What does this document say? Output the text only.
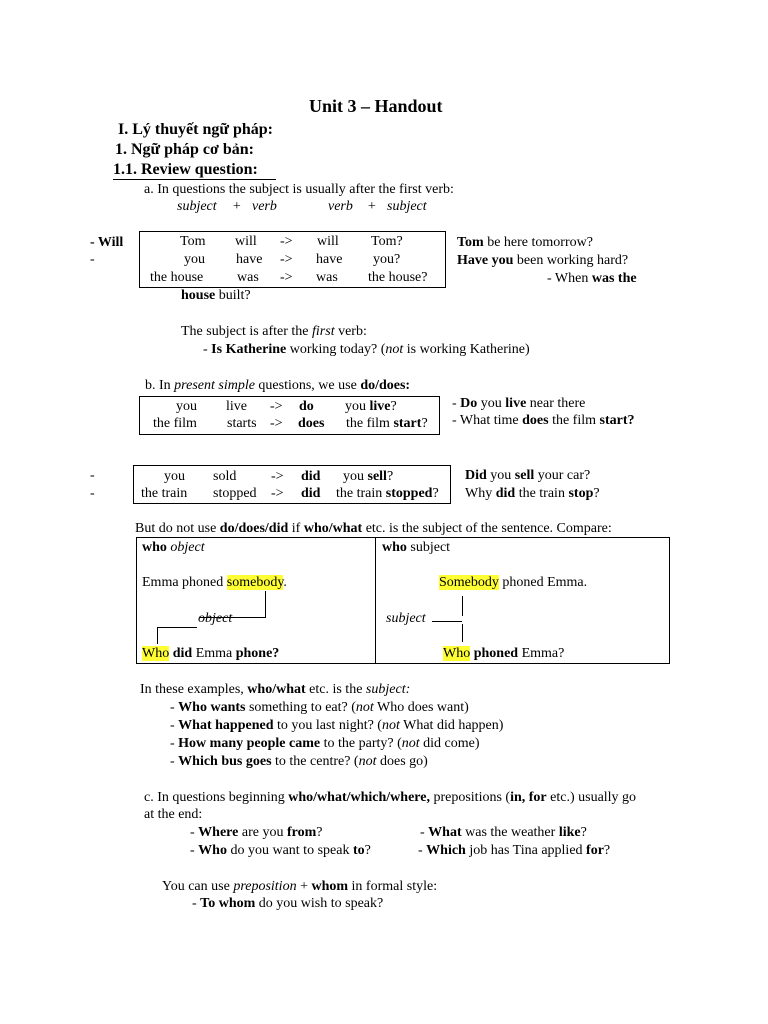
Unit 3 – Handout
I. Lý thuyết ngữ pháp:
1. Ngữ pháp cơ bản:
1.1. Review question:
a. In questions the subject is usually after the first verb:
subject + verb	verb + subject
- Will
-
Tom will -> will Tom?
you have -> have you?
the house was -> was the house?
Tom be here tomorrow?
Have you been working hard?
- When was the
house built?
The subject is after the first verb:
- Is Katherine working today? (not is working Katherine)
b. In present simple questions, we use do/does:
you live -> do you live?
the film starts -> does the film start?
- Do you live near there
- What time does the film start?
-
-
you sold -> did you sell?
the train stopped -> did the train stopped?
Did you sell your car?
Why did the train stop?
But do not use do/does/did if who/what etc. is the subject of the sentence. Compare:
who object	who subject
Emma phoned somebody.	Somebody phoned Emma.
object	subject
Who did Emma phone?	Who phoned Emma?
In these examples, who/what etc. is the subject:
- Who wants something to eat? (not Who does want)
- What happened to you last night? (not What did happen)
- How many people came to the party? (not did come)
- Which bus goes to the centre? (not does go)
c. In questions beginning who/what/which/where, prepositions (in, for etc.) usually go
at the end:
- Where are you from?	- What was the weather like?
- Who do you want to speak to?	- Which job has Tina applied for?
You can use preposition + whom in formal style:
- To whom do you wish to speak?
